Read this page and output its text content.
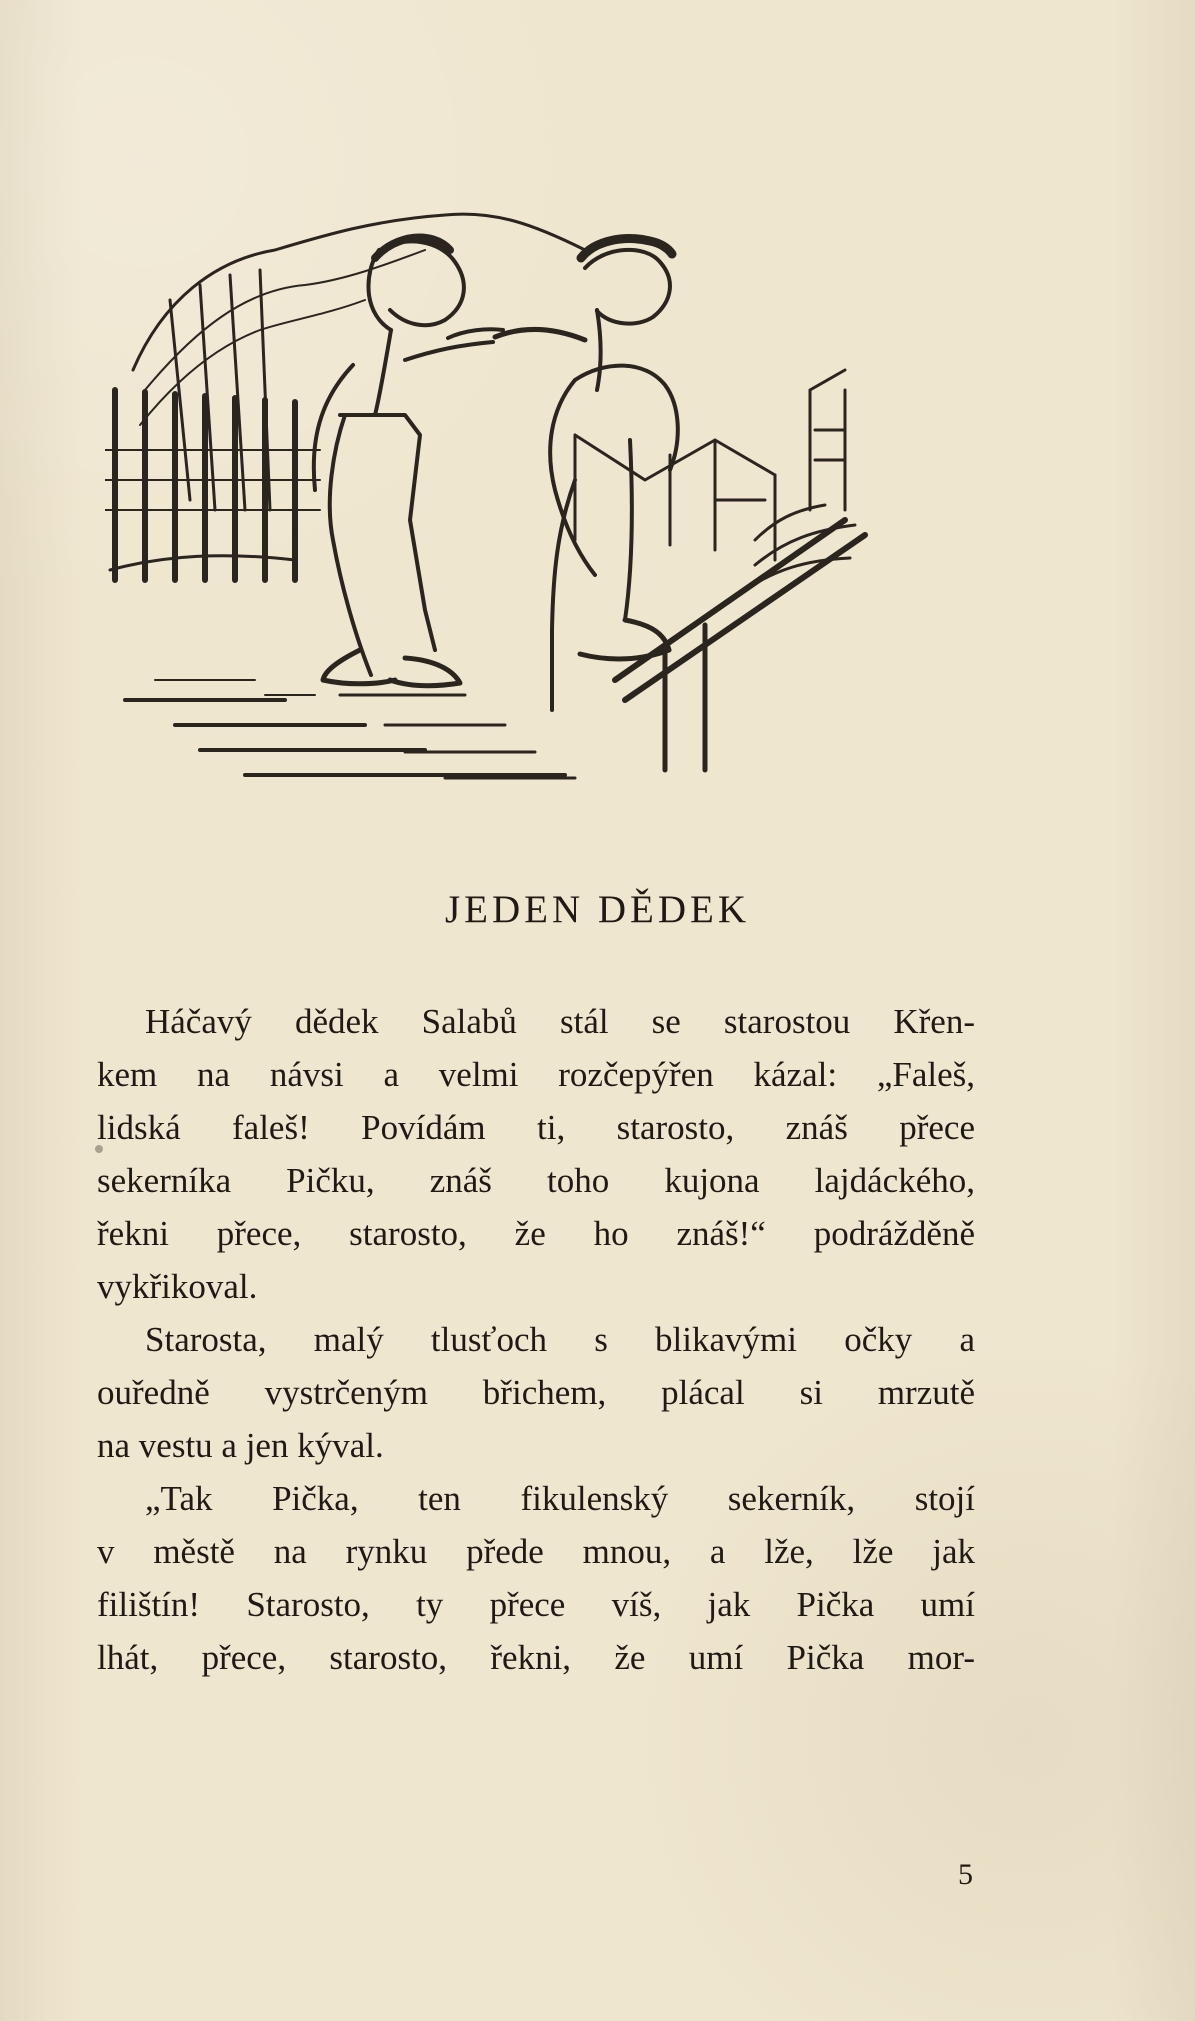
JEDEN DĚDEK
Háčavý dědek Salabů stál se starostou Křen-
kem na návsi a velmi rozčepýřen kázal: „Faleš,
lidská faleš! Povídám ti, starosto, znáš přece
sekerníka Pičku, znáš toho kujona lajdáckého,
řekni přece, starosto, že ho znáš!“ podrážděně
vykřikoval.
Starosta, malý tlusťoch s blikavými očky a
ouředně vystrčeným břichem, plácal si mrzutě
na vestu a jen kýval.
„Tak Pička, ten fikulenský sekerník, stojí
v městě na rynku přede mnou, a lže, lže jak
filištín! Starosto, ty přece víš, jak Pička umí
lhát, přece, starosto, řekni, že umí Pička mor-
5
